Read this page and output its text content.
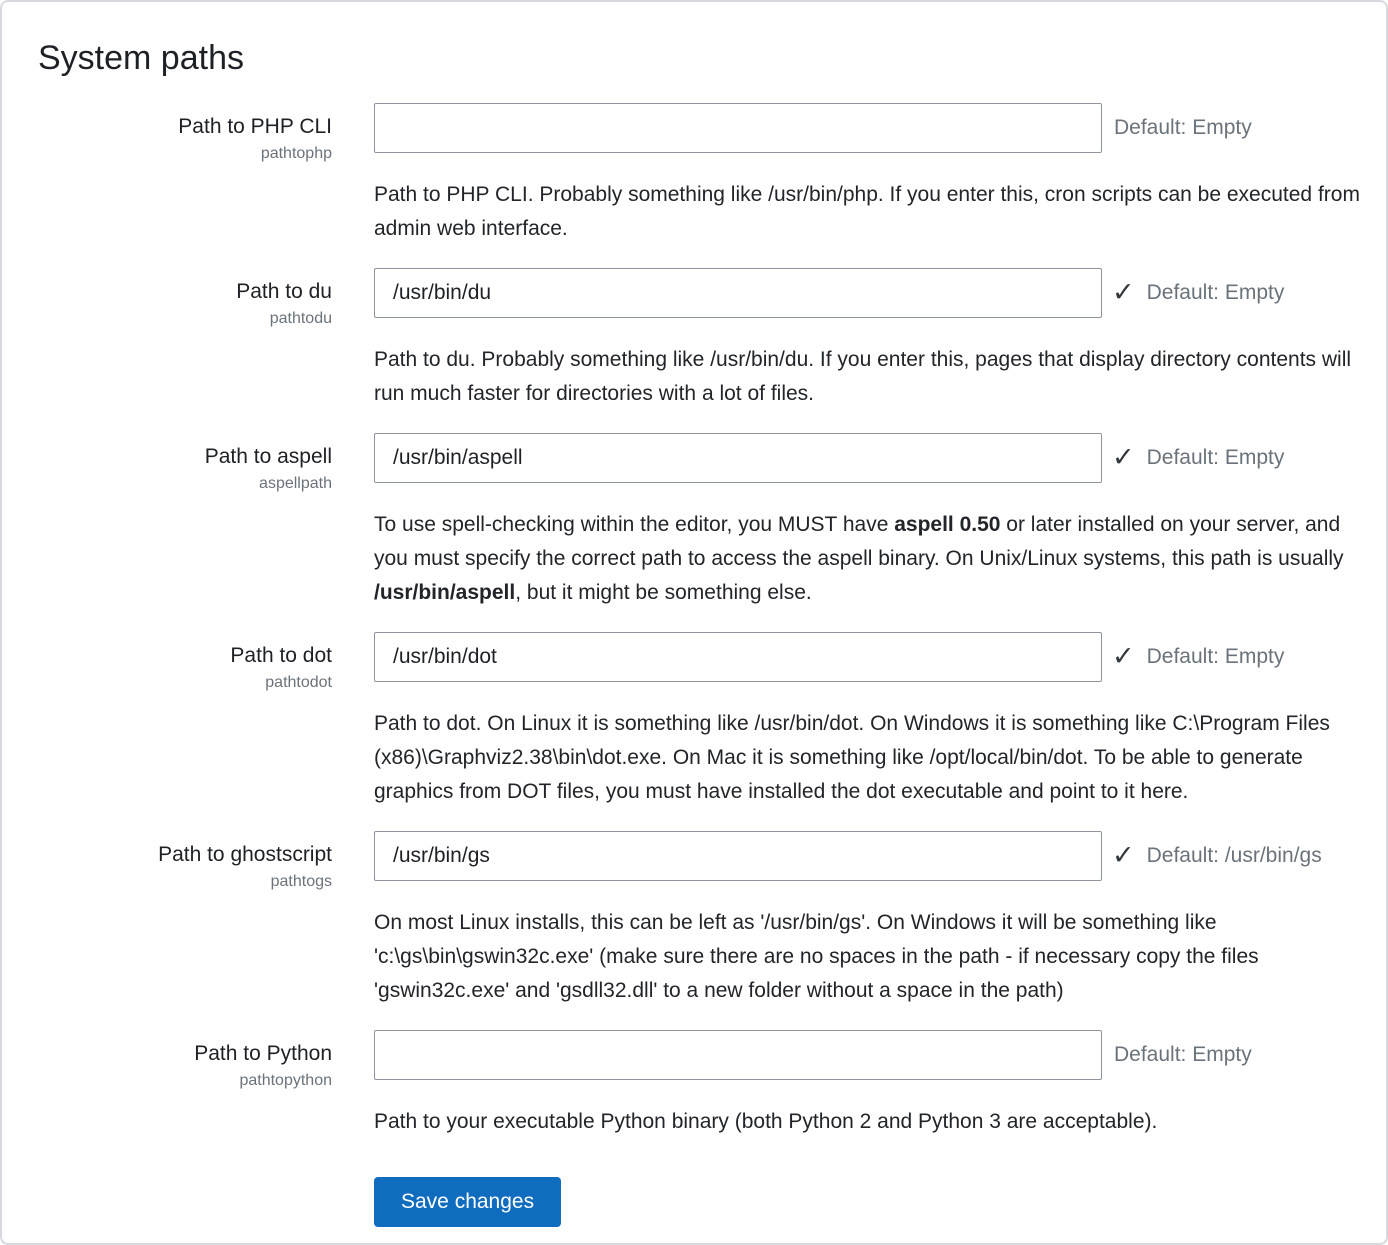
System paths
Path to PHP CLI
pathtophp
Default: Empty
Path to PHP CLI. Probably something like /usr/bin/php. If you enter this, cron scripts can be executed from admin web interface.
Path to du
pathtodu
/usr/bin/du
✓ Default: Empty
Path to du. Probably something like /usr/bin/du. If you enter this, pages that display directory contents will run much faster for directories with a lot of files.
Path to aspell
aspellpath
/usr/bin/aspell
✓ Default: Empty
To use spell-checking within the editor, you MUST have aspell 0.50 or later installed on your server, and you must specify the correct path to access the aspell binary. On Unix/Linux systems, this path is usually /usr/bin/aspell, but it might be something else.
Path to dot
pathtodot
/usr/bin/dot
✓ Default: Empty
Path to dot. On Linux it is something like /usr/bin/dot. On Windows it is something like C:\Program Files (x86)\Graphviz2.38\bin\dot.exe. On Mac it is something like /opt/local/bin/dot. To be able to generate graphics from DOT files, you must have installed the dot executable and point to it here.
Path to ghostscript
pathtogs
/usr/bin/gs
✓ Default: /usr/bin/gs
On most Linux installs, this can be left as '/usr/bin/gs'. On Windows it will be something like 'c:\gs\bin\gswin32c.exe' (make sure there are no spaces in the path - if necessary copy the files 'gswin32c.exe' and 'gsdll32.dll' to a new folder without a space in the path)
Path to Python
pathtopython
Default: Empty
Path to your executable Python binary (both Python 2 and Python 3 are acceptable).
Save changes
